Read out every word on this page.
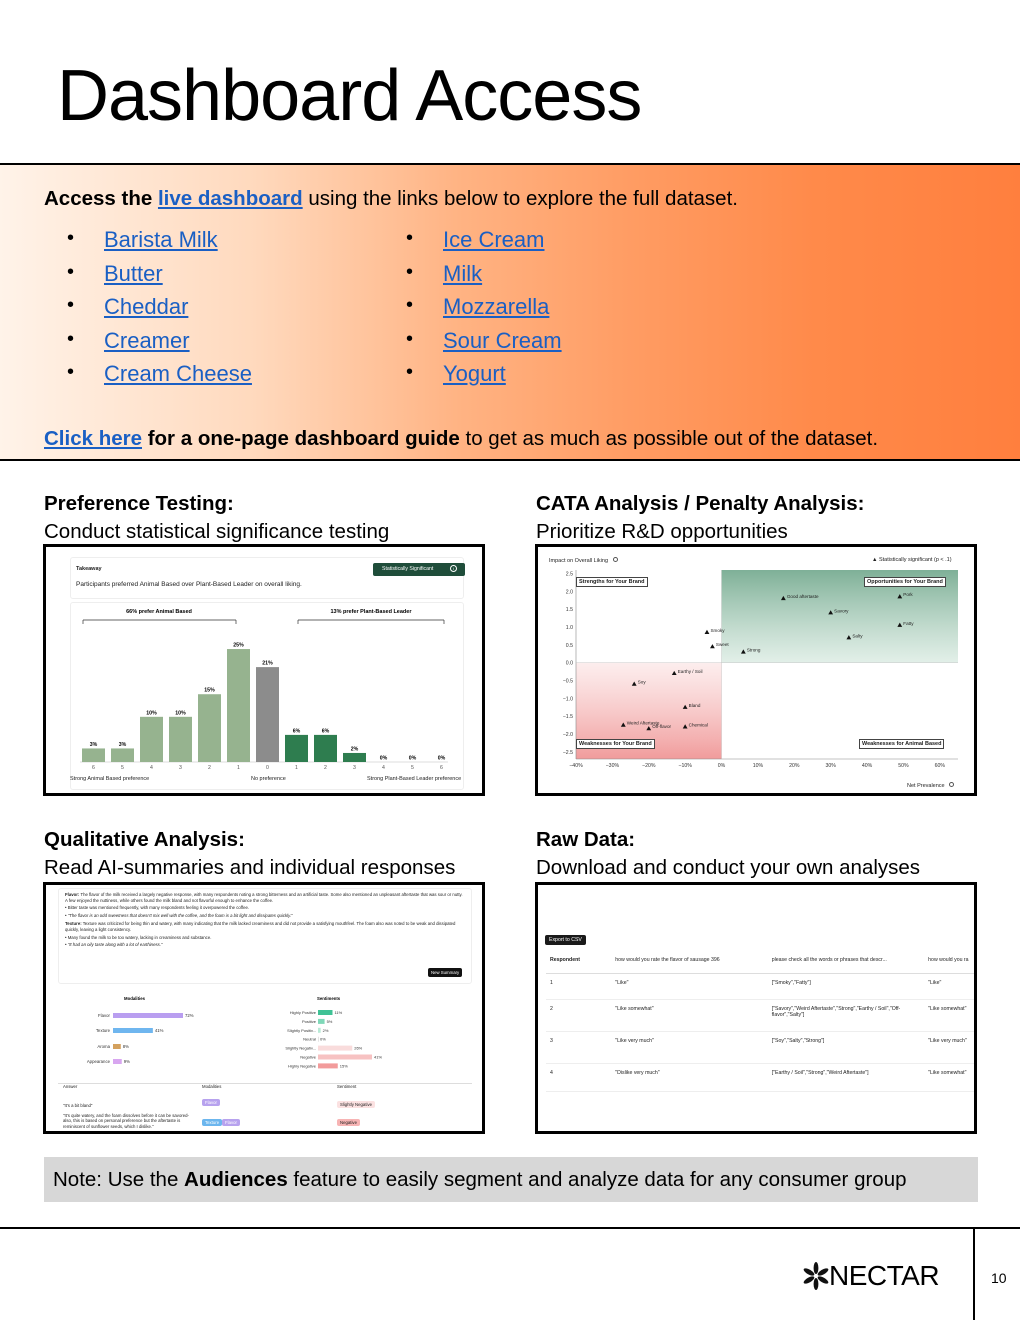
Dashboard Access
Access the live dashboard using the links below to explore the full dataset.
• Barista Milk
• Butter
• Cheddar
• Creamer
• Cream Cheese
• Ice Cream
• Milk
• Mozzarella
• Sour Cream
• Yogurt
Click here for a one-page dashboard guide to get as much as possible out of the dataset.
Preference Testing:
Conduct statistical significance testing
CATA Analysis / Penalty Analysis:
Prioritize R&D opportunities
Qualitative Analysis:
Read AI-summaries and individual responses
Raw Data:
Download and conduct your own analyses
Takeaway
Participants preferred Animal Based over Plant-Based Leader on overall liking.
Statistically Significant	i
66% prefer Animal Based	13% prefer Plant-Based Leader
3%
6
3%
5
10%
4
10%
3
15%
2
25%
1
21%
0
6%
1
6%
2
2%
3
0%
4
0%
5
0%
6
Strong Animal Based preference	No preference	Strong Plant-Based Leader preference
Impact on Overall Liking	▲ Statistically significant (p < .1)
2.5
2.0
1.5
1.0
0.5
0.0
−0.5
−1.0
−1.5
−2.0
−2.5
−40%	−30%	−20%	−10%	0%	10%	20%	30%	40%	50%	60%
Pork
Good aftertaste
Savory
Fatty
Salty
Smoky
Sweet
Strong
Earthy / Soil
Soy
Bland
Weird Aftertaste
Off-flavor	Chemical
Strengths for Your Brand	Opportunities for Your Brand
Weaknesses for Your Brand	Weaknesses for Animal Based
Net Prevalence
Flavor: The flavor of the milk received a largely negative response, with many respondents noting a strong bitterness and an artificial taste. Some also mentioned an unpleasant aftertaste that was sour or nutty. A few enjoyed the nuttiness, while others found the milk bland and not flavorful enough to enhance the coffee.
• Bitter taste was mentioned frequently, with many respondents feeling it overpowered the coffee.
• "The flavor is an odd sweetness that doesn't mix well with the coffee, and the foam is a bit light and dissipates quickly."
Texture: Texture was criticized for being thin and watery, with many indicating that the milk lacked creaminess and did not provide a satisfying mouthfeel. The foam also was noted to be weak and dissipated quickly, leaving a light consistency.
• Many found the milk to be too watery, lacking in creaminess and substance.
• "It had an oily taste along with a lot of earthiness."
New Summary
Modalities	Sentiments
Flavor	72%
Texture	41%
Aroma	8%
Appearance	9%
Highly Positive	11%
Positive	5%
Slightly Positiv... 2%
Neutral 0%
Slightly Negativ...	26%
Negative	41%
Highly Negative	15%
Answer	Modalities	Sentiment
"It's a bit bland"
Flavor	Slightly Negative
"It's quite watery, and the foam dissolves before it can be savored- also, this is based on personal preference but the aftertaste is reminiscent of sunflower seeds, which I dislike."
Texture	Flavor	Negative
Export to CSV
Respondent	how would you rate the flavor of sausage 396	please check all the words or phrases that descr...	how would you ra
1	"Like"	["Smoky","Fatty"]	"Like"
2	"Like somewhat"	["Savory","Weird Aftertaste","Strong","Earthy / Soil","Off-flavor","Salty"]	"Like somewhat"
3	"Like very much"	["Soy","Salty","Strong"]	"Like very much"
4	"Dislike very much"	["Earthy / Soil","Strong","Weird Aftertaste"]	"Like somewhat"
Note: Use the Audiences feature to easily segment and analyze data for any consumer group
NECTAR	10
